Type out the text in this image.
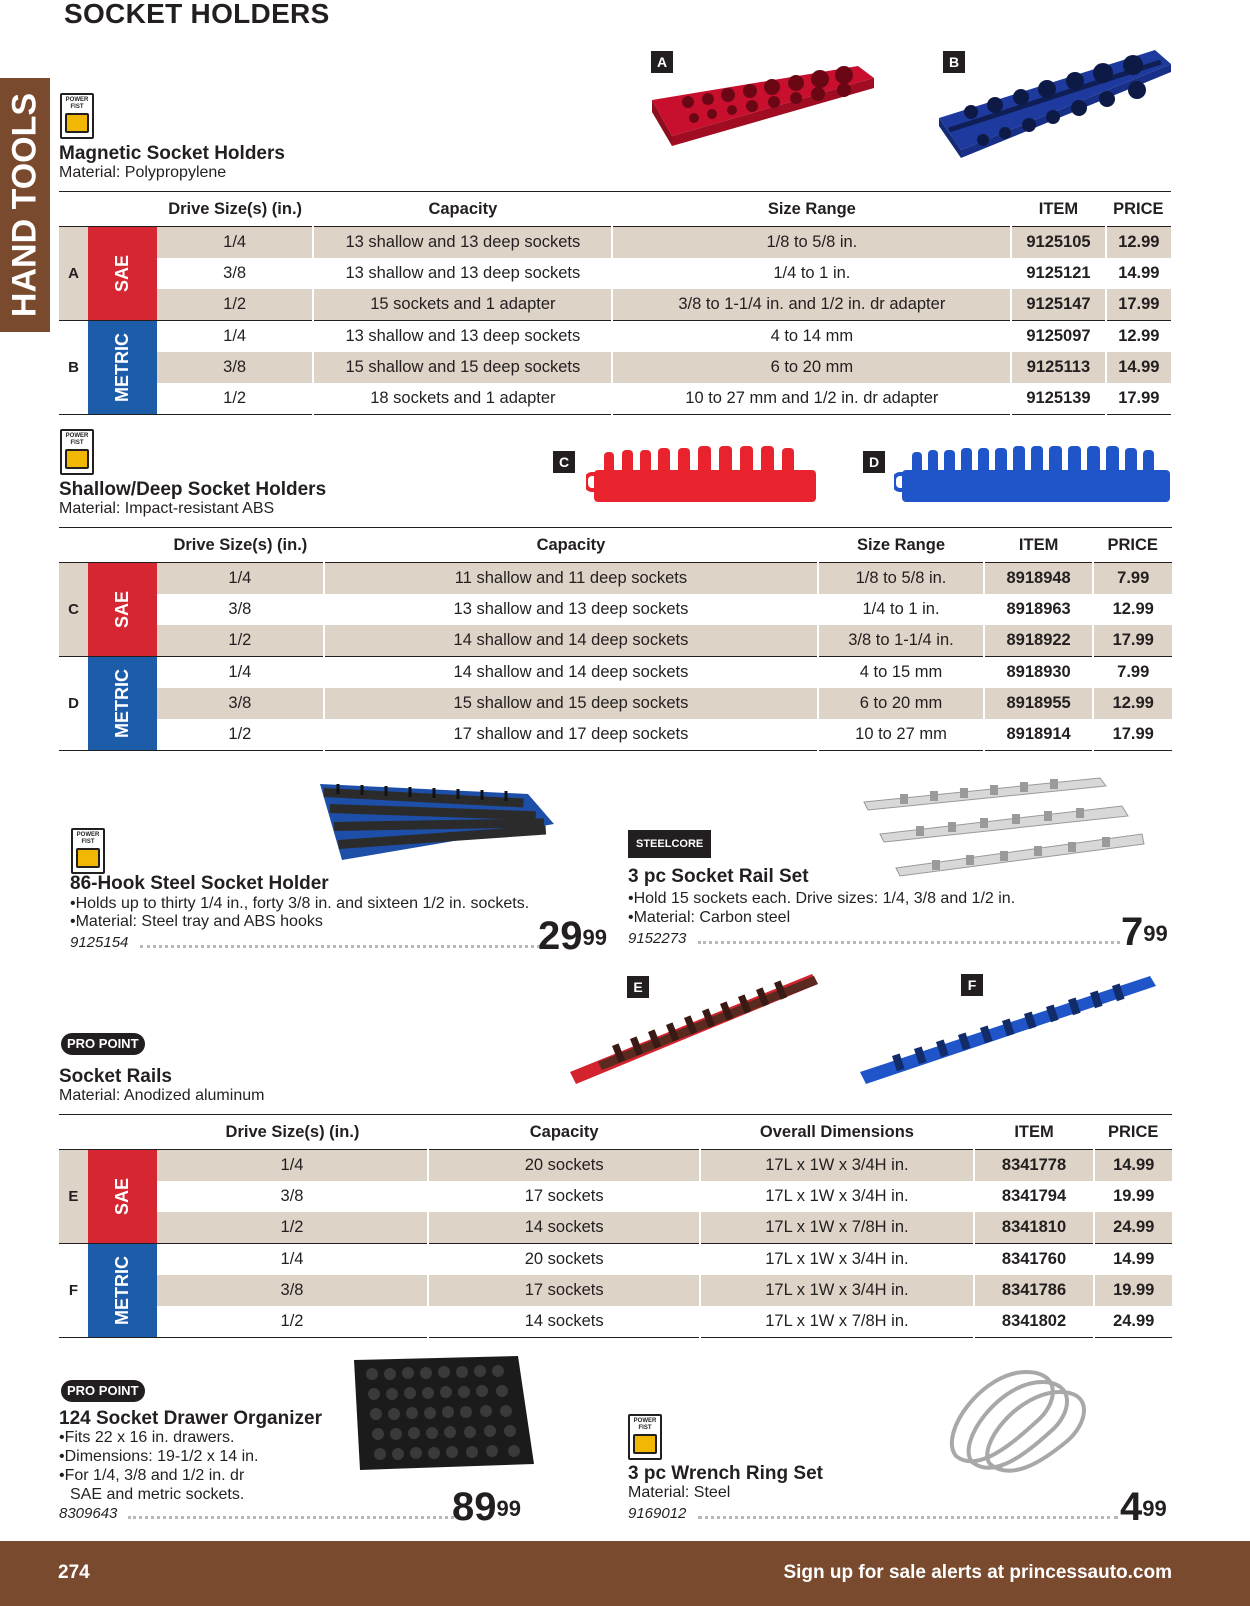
SOCKET HOLDERS
HAND TOOLS	POWER
FIST
Magnetic Socket Holders
Material: Polypropylene
A	B
		Drive Size(s) (in.)	Capacity	Size Range	ITEM	PRICE
A	SAE	1/4	13 shallow and 13 deep sockets	1/8 to 5/8 in.	9125105	12.99
		3/8	13 shallow and 13 deep sockets	1/4 to 1 in.	9125121	14.99
		1/2	15 sockets and 1 adapter	3/8 to 1-1/4 in. and 1/2 in. dr adapter	9125147	17.99
B	METRIC	1/4	13 shallow and 13 deep sockets	4 to 14 mm	9125097	12.99
		3/8	15 shallow and 15 deep sockets	6 to 20 mm	9125113	14.99
		1/2	18 sockets and 1 adapter	10 to 27 mm and 1/2 in. dr adapter	9125139	17.99
POWER
FIST
Shallow/Deep Socket Holders
Material: Impact-resistant ABS
C	D
		Drive Size(s) (in.)	Capacity	Size Range	ITEM	PRICE
C	SAE	1/4	11 shallow and 11 deep sockets	1/8 to 5/8 in.	8918948	7.99
		3/8	13 shallow and 13 deep sockets	1/4 to 1 in.	8918963	12.99
		1/2	14 shallow and 14 deep sockets	3/8 to 1-1/4 in.	8918922	17.99
D	METRIC	1/4	14 shallow and 14 deep sockets	4 to 15 mm	8918930	7.99
		3/8	15 shallow and 15 deep sockets	6 to 20 mm	8918955	12.99
		1/2	17 shallow and 17 deep sockets	10 to 27 mm	8918914	17.99
POWER
FIST
86-Hook Steel Socket Holder
•Holds up to thirty 1/4 in., forty 3/8 in. and sixteen 1/2 in. sockets.
•Material: Steel tray and ABS hooks
9125154	$29^{99}$
STEELCORE
3 pc Socket Rail Set
•Hold 15 sockets each. Drive sizes: 1/4, 3/8 and 1/2 in.
•Material: Carbon steel
9152273	$7^{99}$
E	F
PRO POINT
Socket Rails
Material: Anodized aluminum
		Drive Size(s) (in.)	Capacity	Overall Dimensions	ITEM	PRICE
E	SAE	1/4	20 sockets	17L x 1W x 3/4H in.	8341778	14.99
		3/8	17 sockets	17L x 1W x 3/4H in.	8341794	19.99
		1/2	14 sockets	17L x 1W x 7/8H in.	8341810	24.99
F	METRIC	1/4	20 sockets	17L x 1W x 3/4H in.	8341760	14.99
		3/8	17 sockets	17L x 1W x 3/4H in.	8341786	19.99
		1/2	14 sockets	17L x 1W x 7/8H in.	8341802	24.99
PRO POINT
124 Socket Drawer Organizer
•Fits 22 x 16 in. drawers.
•Dimensions: 19-1/2 x 14 in.
•For 1/4, 3/8 and 1/2 in. dr
SAE and metric sockets.
8309643	$89^{99}$
POWER
FIST
3 pc Wrench Ring Set
Material: Steel
9169012	$4^{99}$
274	Sign up for sale alerts at princessauto.com
